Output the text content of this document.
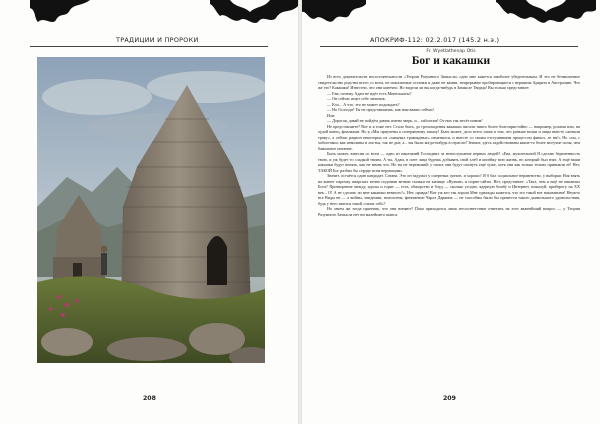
ТРАДИЦИИ И ПРОРОКИ
208
АПОКРИФ-112: 02.2.017 (145.2 н.э.)
Fr. Wyetlathenap Otis
Бог и какашки

Из всех доказательств несостоятельности «Теории Разумного Замысла» одно мне кажется наиболее убедительным. И это не безмиличное свидетельство родства всего со всем, не ископаемые останки и даже не камни, непрерывно пробирающиеся с вершины Арарата в Австралию. Что же это? Какашки! Известно, что они конечно. Но видели ли вы когда-нибудь в Замысле Творца! Вы только представьте:

— Ева, почему Адам не идёт есть Минеськаты?

— Он сейчас ищет себе личинок.

— Кхх... А что, это не может подождать?

— Но Господи! Ты не представляешь, как нам важно сейчас!

Или:

— Дорогая, давай не пойдём давать имена зверь, и... хабоотам! От них так несёт пивом!

Не представляете? Вот и я тоже нет. Стало быть, до грехопадения какашки писали никто более благопристойно — например, розами или, на худой конец, фиалками. Но я «Мы приучены к потерянному запаху! Быть может, дело всего лишь в том, что раньше волки и овцы вместе «жевали траву», а сейчас рацион некоторых из «хищных травоядных» изменился, и вместе со своим отступившим процессом фимол, ле ни!» Но «хм, с хабоотами» как извилины и листья, так не дыт, а... вы были когда-нибудь в отрасли? Значит, здесь задействованы какие-то более могучие силы, чем банальное питание.

Быть может, взвесив со всем — одно из наказаний Господних за непослушание первых людей? «Ева, мучительной Я сделаю беременность твою, и уж будет то сладкой твоим. А ты, Адам, в поте лица будешь добывать свой хлеб и копейку всю жизнь, но который был взят. А ещё ваши какашки будут вонять, как не вновь что. Но ты не переживай: у своих они будут пахнуть ещё хуже, хотя они как только тельно привыкли её! Нет, ТАКОЙ Бог разбил бы сердце всем верующим».

Значит, остаётся один кандидат. Сатана. Это он задумал у смертных грехов, и хорошо! Я б бал социальное неравенство, у выборки Ноя взять на ковчег парочку пиарских вечно подозвав ветвам сыльки на капище «Вулкан» и порно-сайты. Нет, представьте: «Такх, чем я ещё не накавлял Бога? Притворение между, идолы и горит — есть, обжорство и блуд — сколько угодно, ядерную бомбу и Интернет, пожалуй, приберегу на XX век... О! А не сделать ли мне какашки немного!». Нет, правда! Вот уж кто так хорош Мне однажды кажется, что это такой вот наказанием! Неужто все Виды не — а войны, эпидемии, неасистны, феноменон Чарлз Дарвина — не способны были бы принести такого дьявольского удовольствия, будь у него имелся такой «запах сей»?

Но зачем же тогда признать, что они воняют? Пока приходится лишь несоответствие ответить на этот важнейший вопрос — у Теории Разумного Замысла нет ни малейшего шанса.

209
